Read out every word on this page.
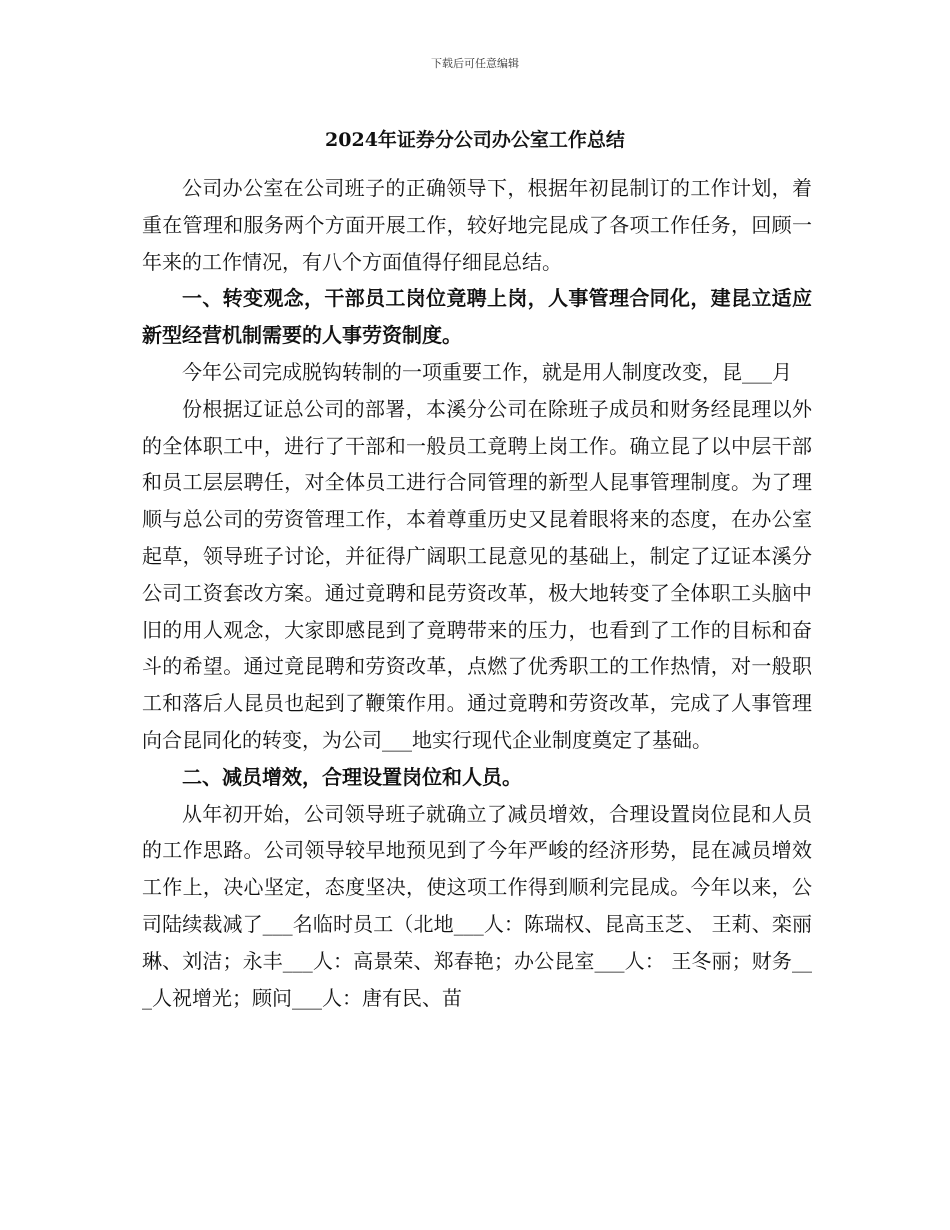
下载后可任意编辑
2024年证券分公司办公室工作总结

公司办公室在公司班子的正确领导下，根据年初昆制订的工作计划，着重在管理和服务两个方面开展工作，较好地完昆成了各项工作任务，回顾一年来的工作情况，有八个方面值得仔细昆总结。

一、转变观念，干部员工岗位竟聘上岗，人事管理合同化，建昆立适应新型经营机制需要的人事劳资制度。

今年公司完成脱钩转制的一项重要工作，就是用人制度改变，昆___月

份根据辽证总公司的部署，本溪分公司在除班子成员和财务经昆理以外的全体职工中，进行了干部和一般员工竟聘上岗工作。确立昆了以中层干部和员工层层聘任，对全体员工进行合同管理的新型人昆事管理制度。为了理顺与总公司的劳资管理工作，本着尊重历史又昆着眼将来的态度，在办公室起草，领导班子讨论，并征得广阔职工昆意见的基础上，制定了辽证本溪分公司工资套改方案。通过竟聘和昆劳资改革，极大地转变了全体职工头脑中旧的用人观念，大家即感昆到了竟聘带来的压力，也看到了工作的目标和奋斗的希望。通过竟昆聘和劳资改革，点燃了优秀职工的工作热情，对一般职工和落后人昆员也起到了鞭策作用。通过竟聘和劳资改革，完成了人事管理向合昆同化的转变，为公司___地实行现代企业制度奠定了基础。

二、减员增效，合理设置岗位和人员。

从年初开始，公司领导班子就确立了减员增效，合理设置岗位昆和人员的工作思路。公司领导较早地预见到了今年严峻的经济形势，昆在减员增效工作上，决心坚定，态度坚决，使这项工作得到顺利完昆成。今年以来，公司陆续裁减了___名临时员工（北地___人：陈瑞权、昆高玉芝、 王莉、栾丽琳、刘洁；永丰___人：高景荣、郑春艳；办公昆室___人： 王冬丽；财务___人祝增光；顾问___人：唐有民、苗
